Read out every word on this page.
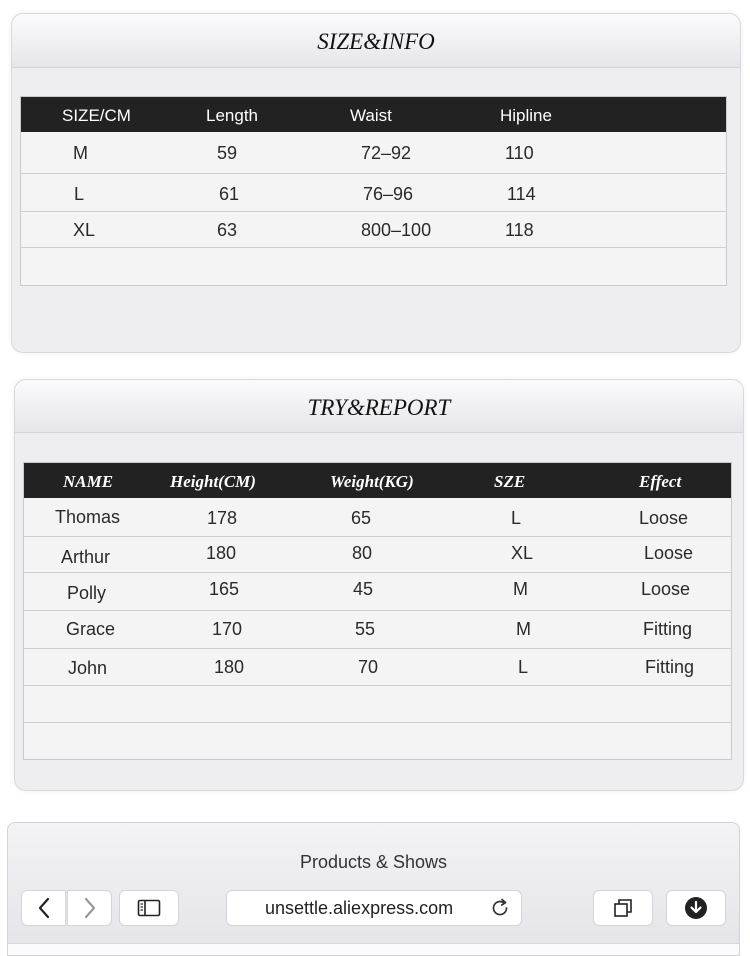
SIZE&INFO
SIZE/CM	Length	Waist	Hipline
M	59	72–92	110
L	61	76–96	114
XL	63	800–100	118
TRY&REPORT
NAME	Height(CM)	Weight(KG)	SZE	Effect
Thomas	178	65	L	Loose
Arthur	180	80	XL	Loose
Polly	165	45	M	Loose
Grace	170	55	M	Fitting
John	180	70	L	Fitting
Products & Shows
unsettle.aliexpress.com
